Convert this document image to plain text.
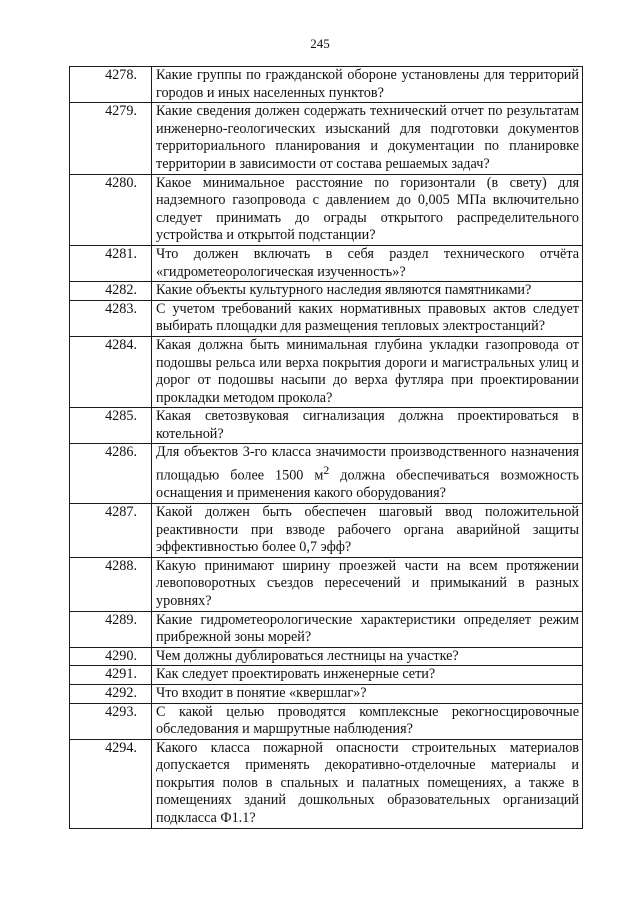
245
4278.	Какие группы по гражданской обороне установлены для территорий городов и иных населенных пунктов?
4279.	Какие сведения должен содержать технический отчет по результатам инженерно-геологических изысканий для подготовки документов территориального планирования и документации по планировке территории в зависимости от состава решаемых задач?
4280.	Какое минимальное расстояние по горизонтали (в свету) для надземного газопровода с давлением до 0,005 МПа включительно следует принимать до ограды открытого распределительного устройства и открытой подстанции?
4281.	Что должен включать в себя раздел технического отчёта «гидрометеорологическая изученность»?
4282.	Какие объекты культурного наследия являются памятниками?
4283.	С учетом требований каких нормативных правовых актов следует выбирать площадки для размещения тепловых электростанций?
4284.	Какая должна быть минимальная глубина укладки газопровода от подошвы рельса или верха покрытия дороги и магистральных улиц и дорог от подошвы насыпи до верха футляра при проектировании прокладки методом прокола?
4285.	Какая светозвуковая сигнализация должна проектироваться в котельной?
4286.	Для объектов 3-го класса значимости производственного назначения площадью более 1500 $м^2$ должна обеспечиваться возможность оснащения и применения какого оборудования?
4287.	Какой должен быть обеспечен шаговый ввод положительной реактивности при взводе рабочего органа аварийной защиты эффективностью более 0,7 эфф?
4288.	Какую принимают ширину проезжей части на всем протяжении левоповоротных съездов пересечений и примыканий в разных уровнях?
4289.	Какие гидрометеорологические характеристики определяет режим прибрежной зоны морей?
4290.	Чем должны дублироваться лестницы на участке?
4291.	Как следует проектировать инженерные сети?
4292.	Что входит в понятие «квершлаг»?
4293.	С какой целью проводятся комплексные рекогносцировочные обследования и маршрутные наблюдения?
4294.	Какого класса пожарной опасности строительных материалов допускается применять декоративно-отделочные материалы и покрытия полов в спальных и палатных помещениях, а также в помещениях зданий дошкольных образовательных организаций подкласса Ф1.1?
